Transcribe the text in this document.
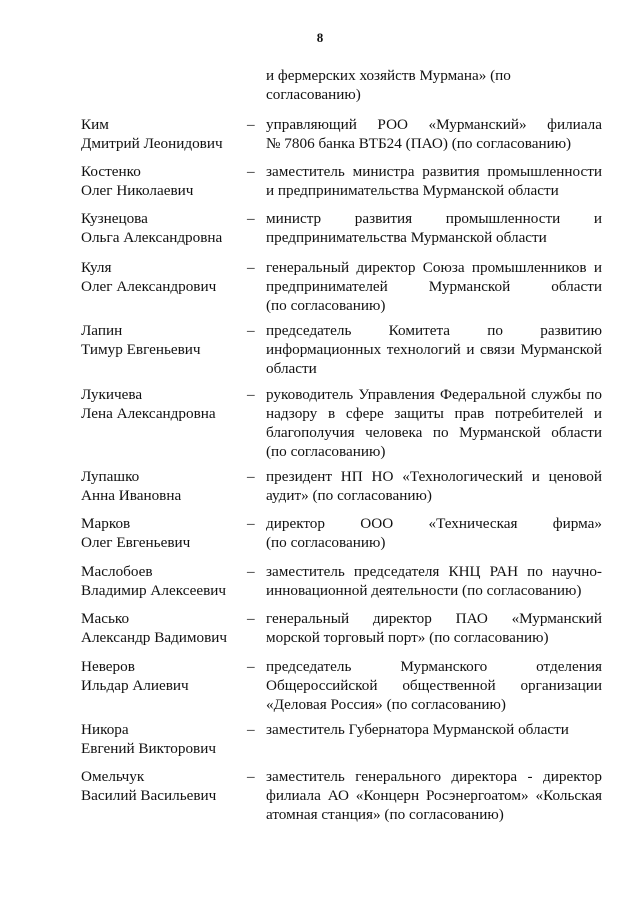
8
и фермерских хозяйств Мурмана» (по согласованию)
Ким
Дмитрий Леонидович
– управляющий РОО «Мурманский» филиала
№ 7806 банка ВТБ24 (ПАО) (по согласованию)
Костенко
Олег Николаевич
– заместитель министра развития промышленности
и предпринимательства Мурманской области
Кузнецова
Ольга Александровна
– министр развития промышленности и
предпринимательства Мурманской области
Куля
Олег Александрович
– генеральный директор Союза промышленников и
предпринимателей Мурманской области
(по согласованию)
Лапин
Тимур Евгеньевич
– председатель Комитета по развитию
информационных технологий и связи Мурманской
области
Лукичева
Лена Александровна
– руководитель Управления Федеральной службы по
надзору в сфере защиты прав потребителей и
благополучия человека по Мурманской области
(по согласованию)
Лупашко
Анна Ивановна
– президент НП НО «Технологический и ценовой
аудит» (по согласованию)
Марков
Олег Евгеньевич
– директор ООО «Техническая фирма»
(по согласованию)
Маслобоев
Владимир Алексеевич
– заместитель председателя КНЦ РАН по научно-
инновационной деятельности (по согласованию)
Масько
Александр Вадимович
– генеральный директор ПАО «Мурманский
морской торговый порт» (по согласованию)
Неверов
Ильдар Алиевич
– председатель Мурманского отделения
Общероссийской общественной организации
«Деловая Россия» (по согласованию)
Никора
Евгений Викторович
– заместитель Губернатора Мурманской области
Омельчук
Василий Васильевич
– заместитель генерального директора - директор
филиала АО «Концерн Росэнергоатом» «Кольская
атомная станция» (по согласованию)
